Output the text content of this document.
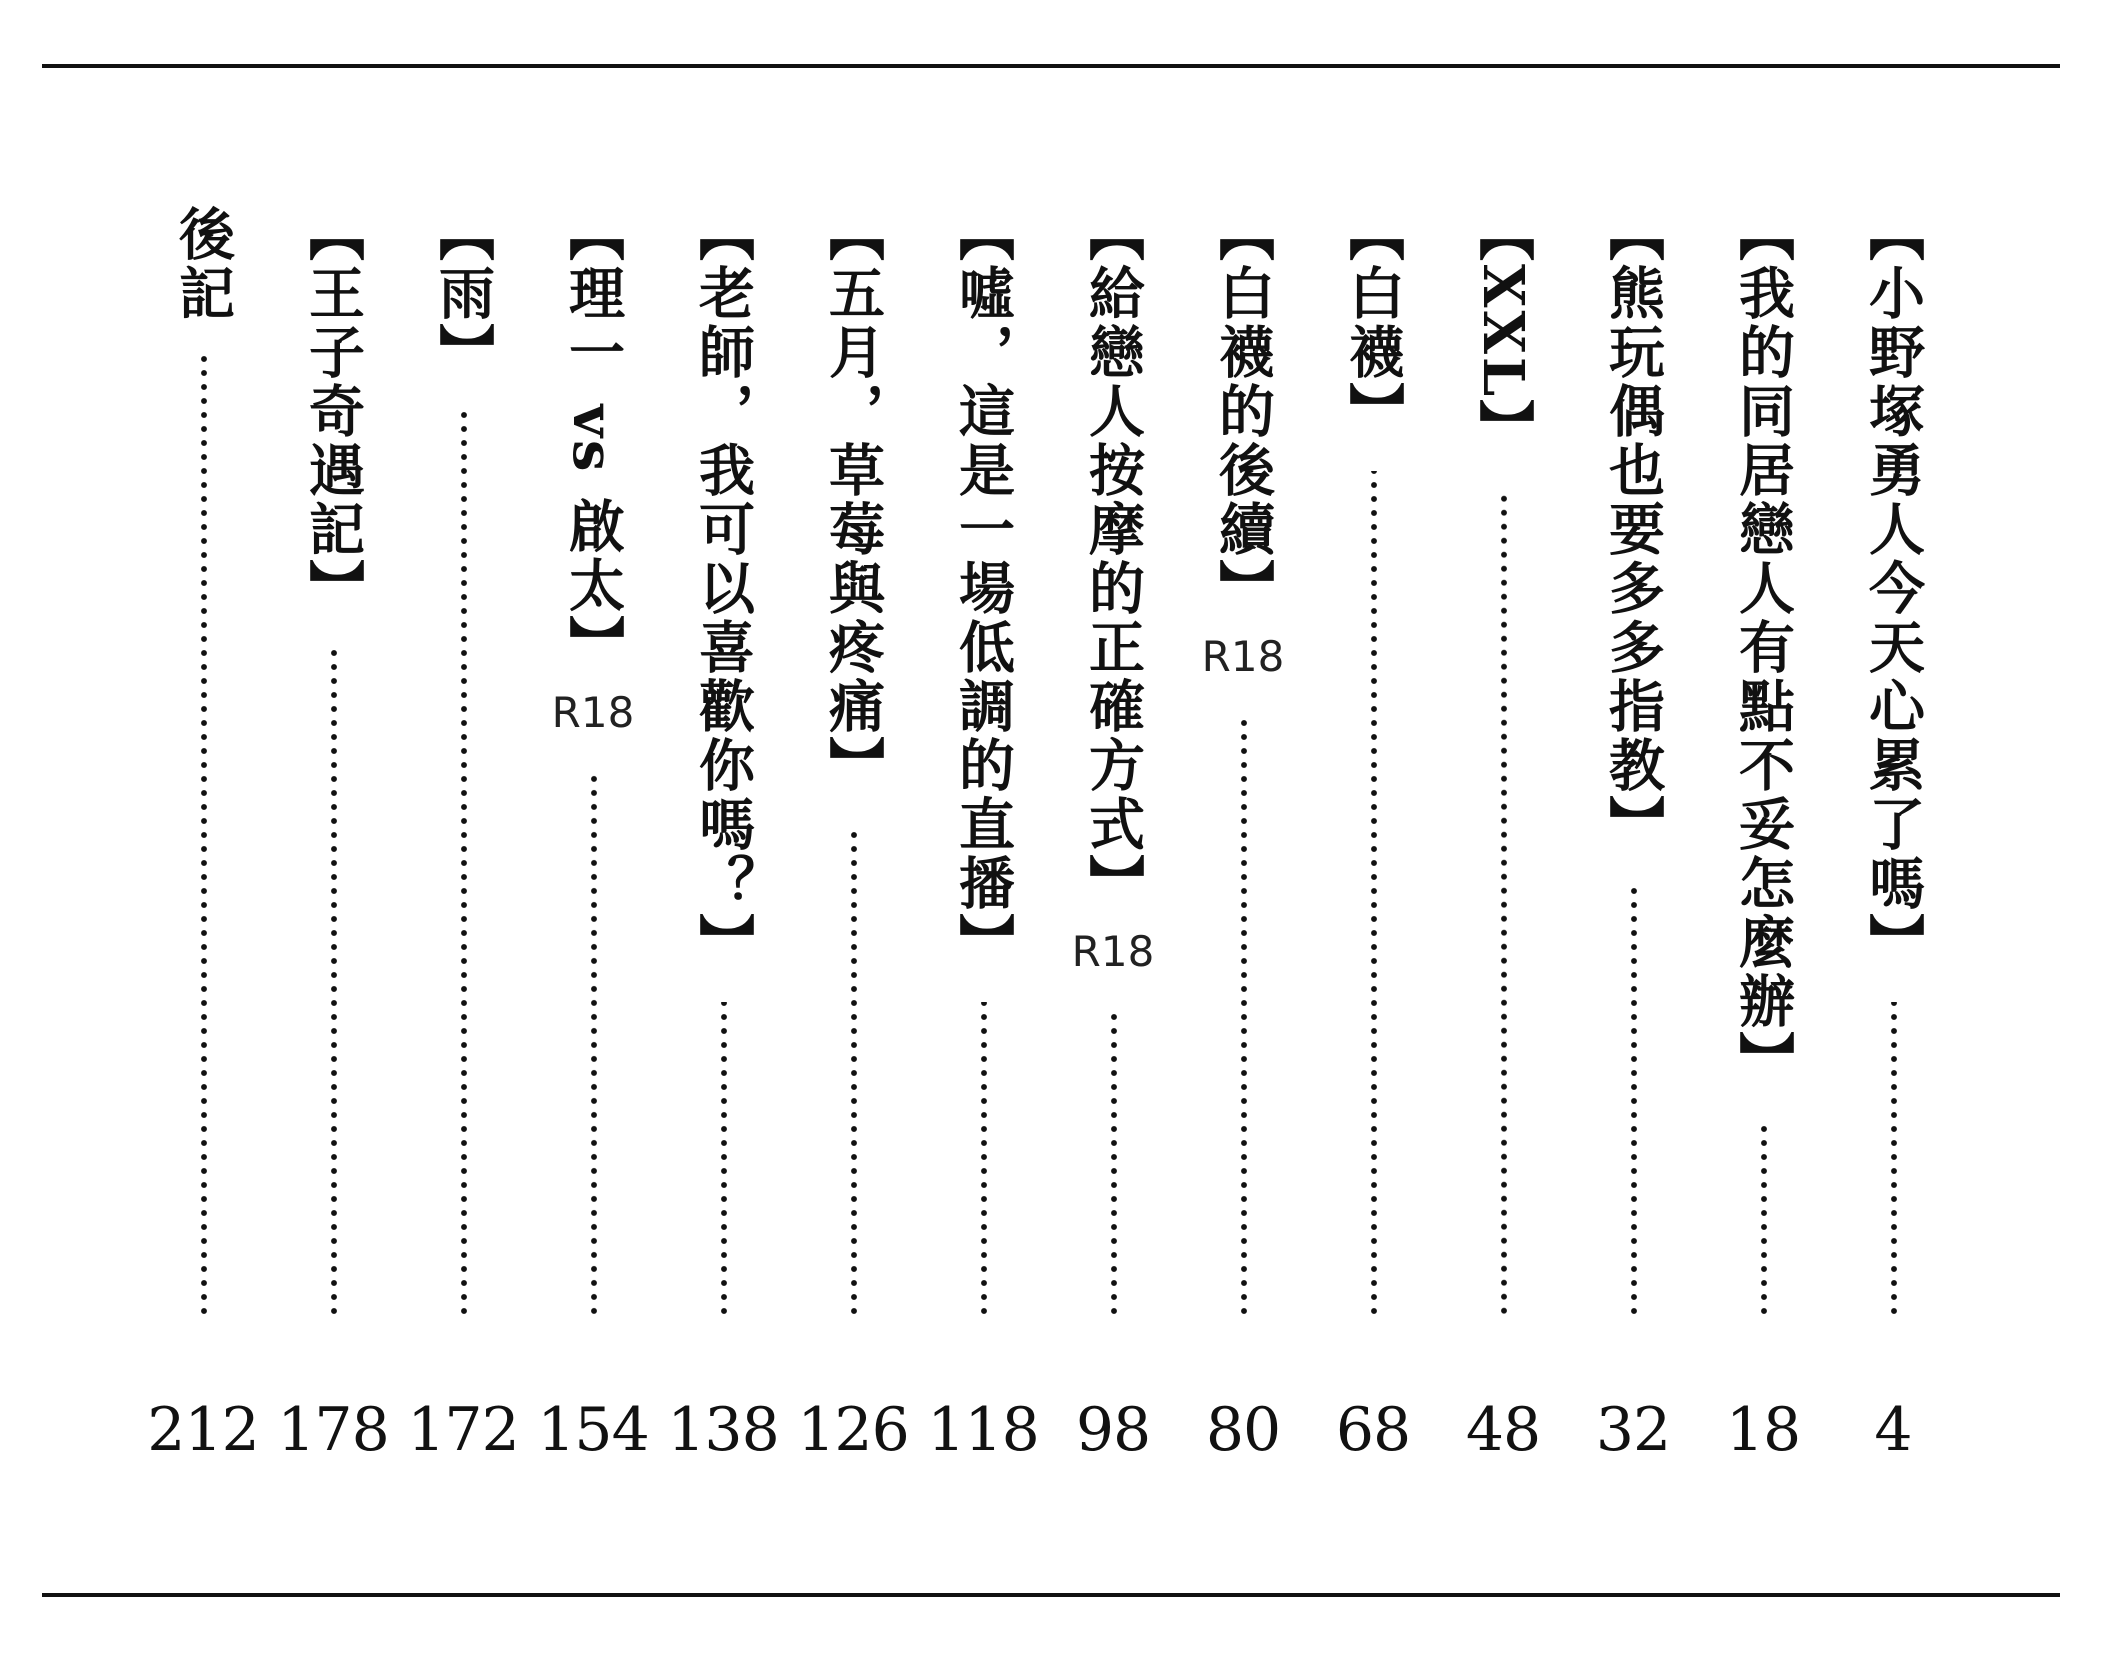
【小野塚勇人今天心累了嗎】
4
【我的同居戀人有點不妥怎麼辦】
18
【熊玩偶也要多多指教】
32
【XXL】
48
【白襪】
68
【白襪的後續】
R18
80
【給戀人按摩的正確方式】
R18
98
【噓，這是一場低調的直播】
118
【五月，草莓與疼痛】
126
【老師，我可以喜歡你嗎？】
138
【理一 vs 啟太】
R18
154
【雨】
172
【王子奇遇記】
178
後記
212
